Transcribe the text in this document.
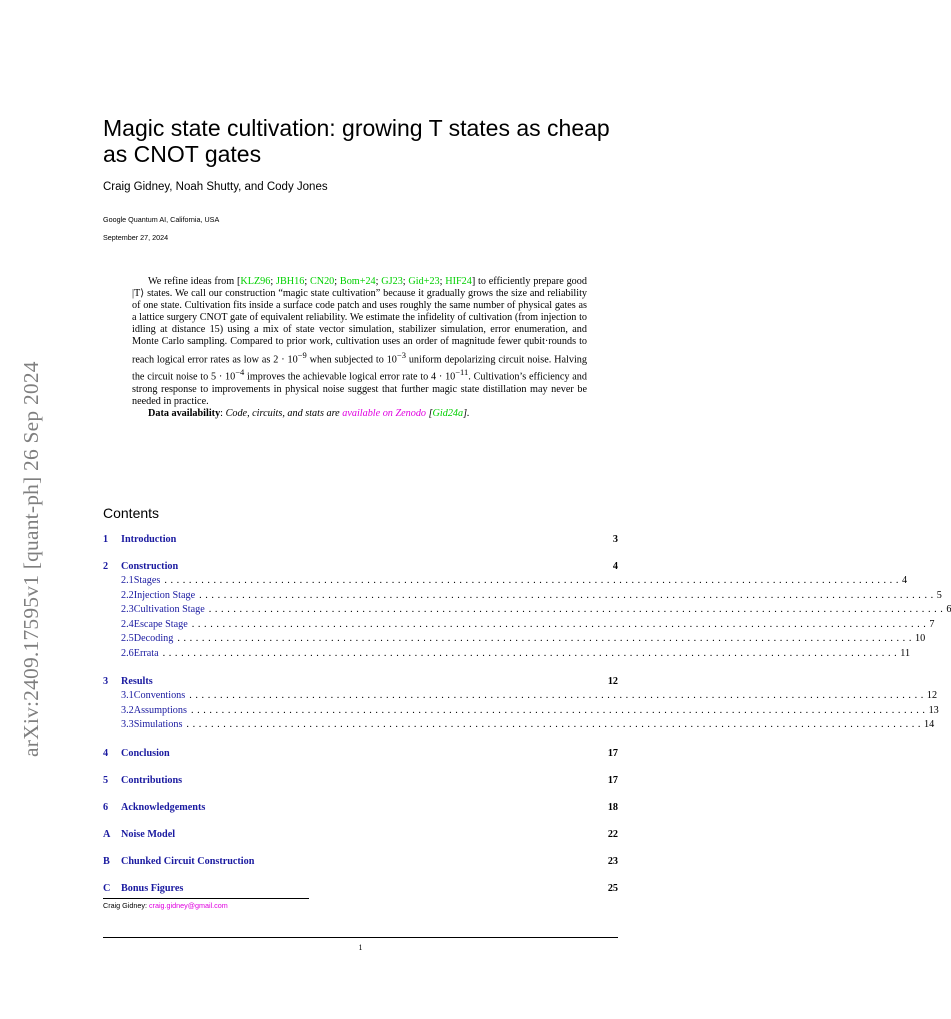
arXiv:2409.17595v1 [quant-ph] 26 Sep 2024
Magic state cultivation: growing T states as cheap as CNOT gates
Craig Gidney, Noah Shutty, and Cody Jones
Google Quantum AI, California, USA
September 27, 2024

We refine ideas from [KLZ96; JBH16; CN20; Bom+24; GJ23; Gid+23; HIF24] to efficiently prepare good |T⟩ states. We call our construction “magic state cultivation” because it gradually grows the size and reliability of one state. Cultivation fits inside a surface code patch and uses roughly the same number of physical gates as a lattice surgery CNOT gate of equivalent reliability. We estimate the infidelity of cultivation (from injection to idling at distance 15) using a mix of state vector simulation, stabilizer simulation, error enumeration, and Monte Carlo sampling. Compared to prior work, cultivation uses an order of magnitude fewer qubit·rounds to reach logical error rates as low as $2 \cdot 10^{-9}$ when subjected to $10^{-3}$ uniform depolarizing circuit noise. Halving the circuit noise to $5 \cdot 10^{-4}$ improves the achievable logical error rate to $4 \cdot 10^{-11}$. Cultivation’s efficiency and strong response to improvements in physical noise suggest that further magic state distillation may never be needed in practice.

Data availability: Code, circuits, and stats are available on Zenodo [Gid24a].

Contents
1	Introduction	3
2	Construction	4
2.1 Stages ........................................................................................................................ 4
2.2 Injection Stage ........................................................................................................................ 5
2.3 Cultivation Stage ........................................................................................................................ 6
2.4 Escape Stage ........................................................................................................................ 7
2.5 Decoding ........................................................................................................................ 10
2.6 Errata ........................................................................................................................ 11
3	Results	12
3.1 Conventions ........................................................................................................................ 12
3.2 Assumptions ........................................................................................................................ 13
3.3 Simulations ........................................................................................................................ 14
4	Conclusion	17
5	Contributions	17
6	Acknowledgements	18
A	Noise Model	22
B	Chunked Circuit Construction	23
C	Bonus Figures	25
Craig Gidney: craig.gidney@gmail.com
1
